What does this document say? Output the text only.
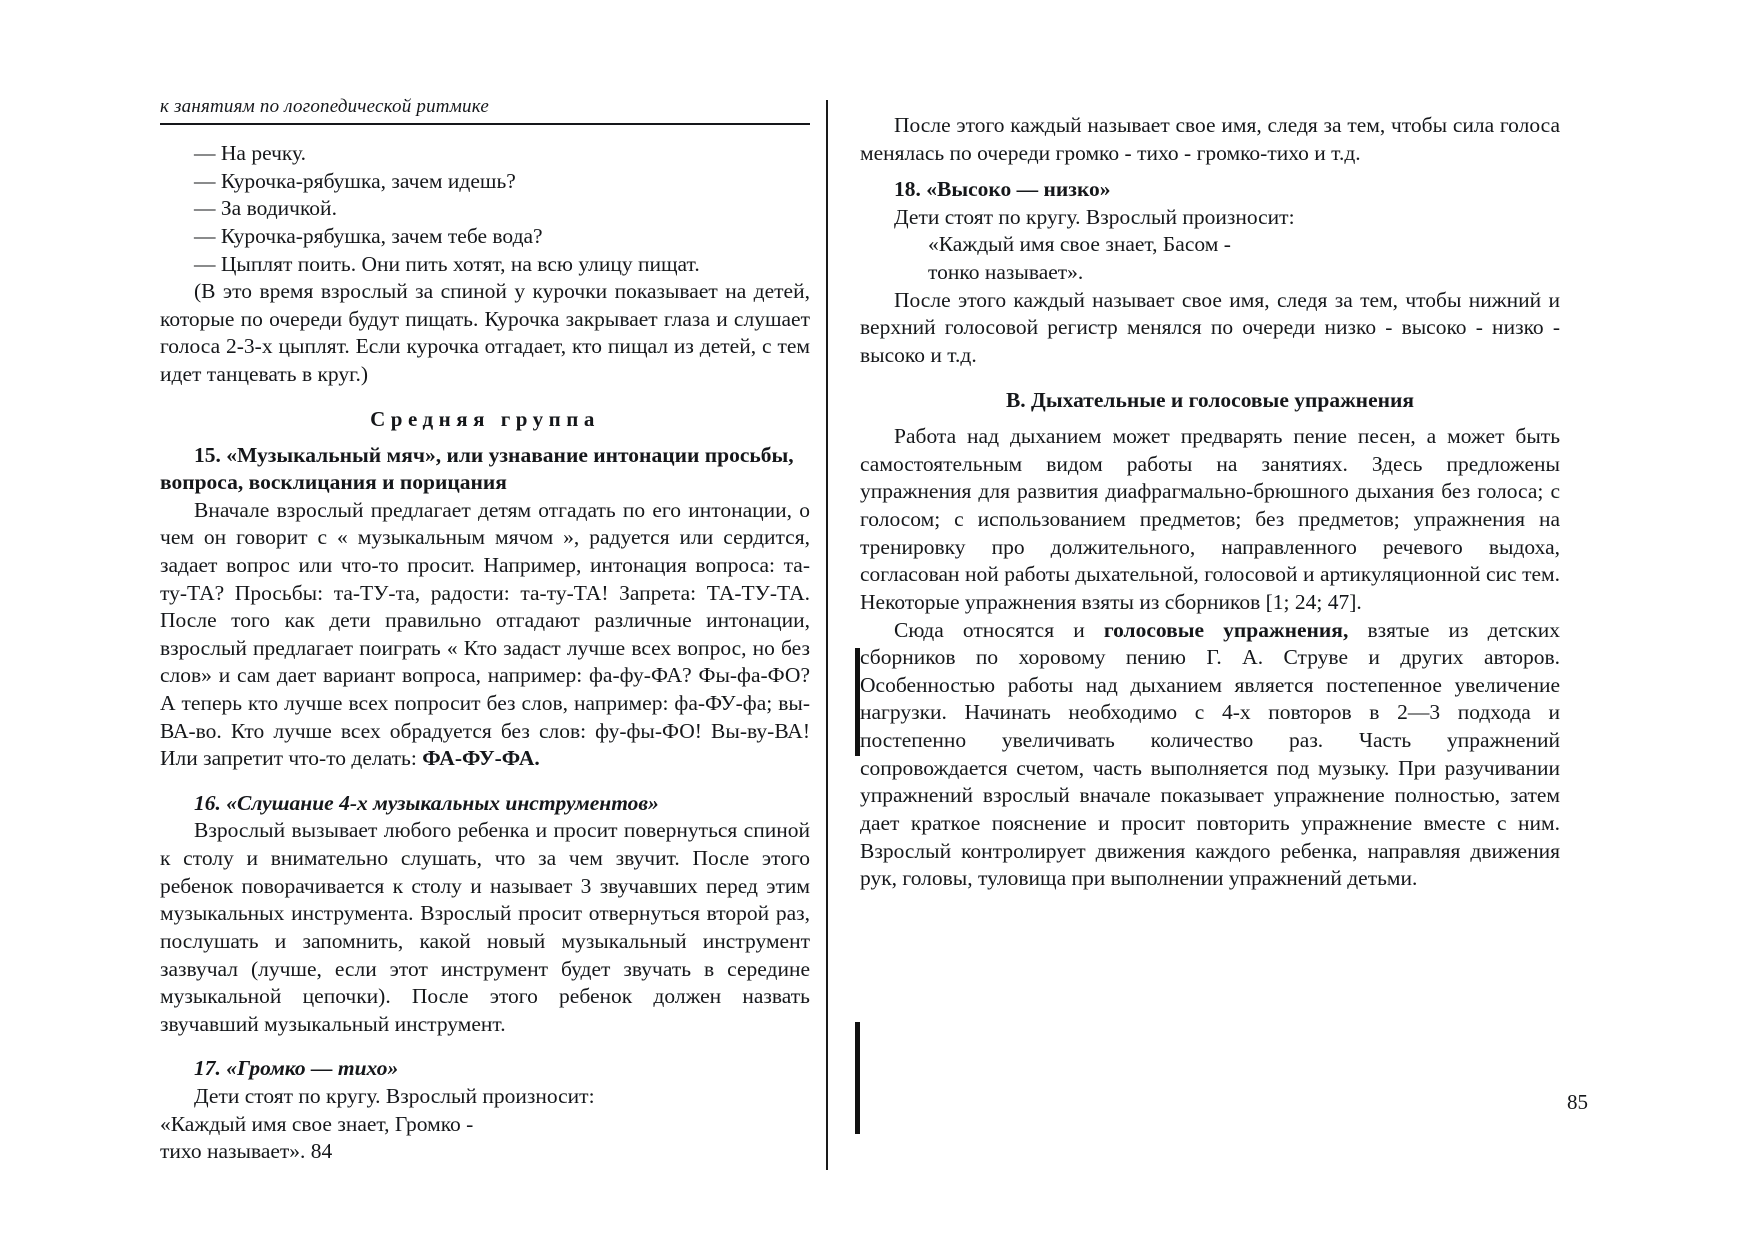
к занятиям по логопедической ритмике

— На речку.

— Курочка-рябушка, зачем идешь?

— За водичкой.

— Курочка-рябушка, зачем тебе вода?

— Цыплят поить. Они пить хотят, на всю улицу пищат.

(В это время взрослый за спиной у курочки показывает на детей, которые по очереди будут пищать. Курочка закрывает глаза и слушает голоса 2-3-х цыплят. Если курочка отгадает, кто пищал из детей, с тем идет танцевать в круг.)

Средняя группа

15. «Музыкальный мяч», или узнавание интонации просьбы, вопроса, восклицания и порицания

Вначале взрослый предлагает детям отгадать по его интонации, о чем он говорит с « музыкальным мячом », радуется или сердится, задает вопрос или что-то просит. Например, интонация вопроса: та-ту-ТА? Просьбы: та-ТУ-та, радости: та-ту-ТА! Запрета: ТА-ТУ-ТА. После того как дети правильно отгадают различные интонации, взрослый предлагает поиграть « Кто задаст лучше всех вопрос, но без слов» и сам дает вариант вопроса, например: фа-фу-ФА? Фы-фа-ФО? А теперь кто лучше всех попросит без слов, например: фа-ФУ-фа; вы-ВА-во. Кто лучше всех обрадуется без слов: фу-фы-ФО! Вы-ву-ВА! Или запретит что-то делать: ФА-ФУ-ФА.

16. «Слушание 4-х музыкальных инструментов»

Взрослый вызывает любого ребенка и просит повернуться спиной к столу и внимательно слушать, что за чем звучит. После этого ребенок поворачивается к столу и называет 3 звучавших перед этим музыкальных инструмента. Взрослый просит отвернуться второй раз, послушать и запомнить, какой новый музыкальный инструмент зазвучал (лучше, если этот инструмент будет звучать в середине музыкальной цепочки). После этого ребенок должен назвать звучавший музыкальный инструмент.

17. «Громко — тихо»

Дети стоят по кругу. Взрослый произносит:

«Каждый имя свое знает, Громко -

тихо называет». 84

После этого каждый называет свое имя, следя за тем, чтобы сила голоса менялась по очереди громко - тихо - громко-тихо и т.д.

18. «Высоко — низко»

Дети стоят по кругу. Взрослый произносит:

«Каждый имя свое знает, Басом -

тонко называет».

После этого каждый называет свое имя, следя за тем, чтобы нижний и верхний голосовой регистр менялся по очереди низко - высоко - низко - высоко и т.д.

В. Дыхательные и голосовые упражнения

Работа над дыханием может предварять пение песен, а может быть самостоятельным видом работы на занятиях. Здесь предложены упражнения для развития диафрагмально-брюшного дыхания без голоса; с голосом; с использованием предметов; без предметов; упражнения на тренировку про должительного, направленного речевого выдоха, согласован ной работы дыхательной, голосовой и артикуляционной сис тем. Некоторые упражнения взяты из сборников [1; 24; 47].

Сюда относятся и голосовые упражнения, взятые из детских сборников по хоровому пению Г. А. Струве и других авторов. Особенностью работы над дыханием является постепенное увеличение нагрузки. Начинать необходимо с 4-х повторов в 2—3 подхода и постепенно увеличивать количество раз. Часть упражнений сопровождается счетом, часть выполняется под музыку. При разучивании упражнений взрослый вначале показывает упражнение полностью, затем дает краткое пояснение и просит повторить упражнение вместе с ним. Взрослый контролирует движения каждого ребенка, направляя движения рук, головы, туловища при выполнении упражнений детьми.

85
